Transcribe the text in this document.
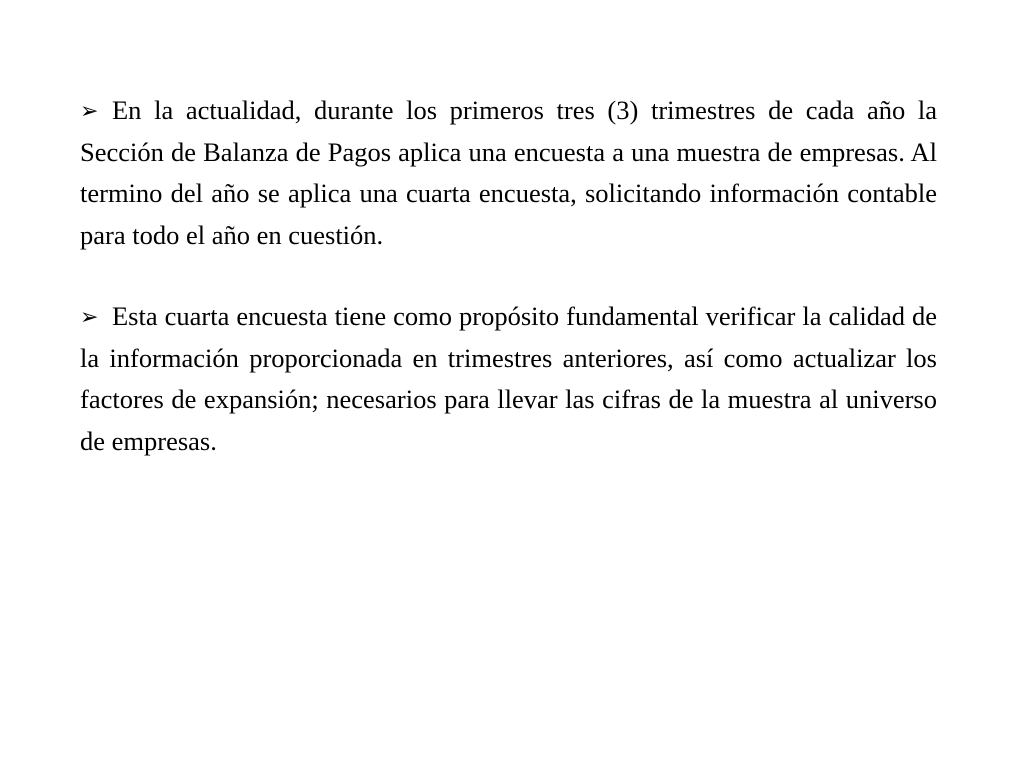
➢ En la actualidad, durante los primeros tres (3) trimestres de cada año la Sección de Balanza de Pagos aplica una encuesta a una muestra de empresas. Al termino del año se aplica una cuarta encuesta, solicitando información contable para todo el año en cuestión.

➢ Esta cuarta encuesta tiene como propósito fundamental verificar la calidad de la información proporcionada en trimestres anteriores, así como actualizar los factores de expansión; necesarios para llevar las cifras de la muestra al universo de empresas.
